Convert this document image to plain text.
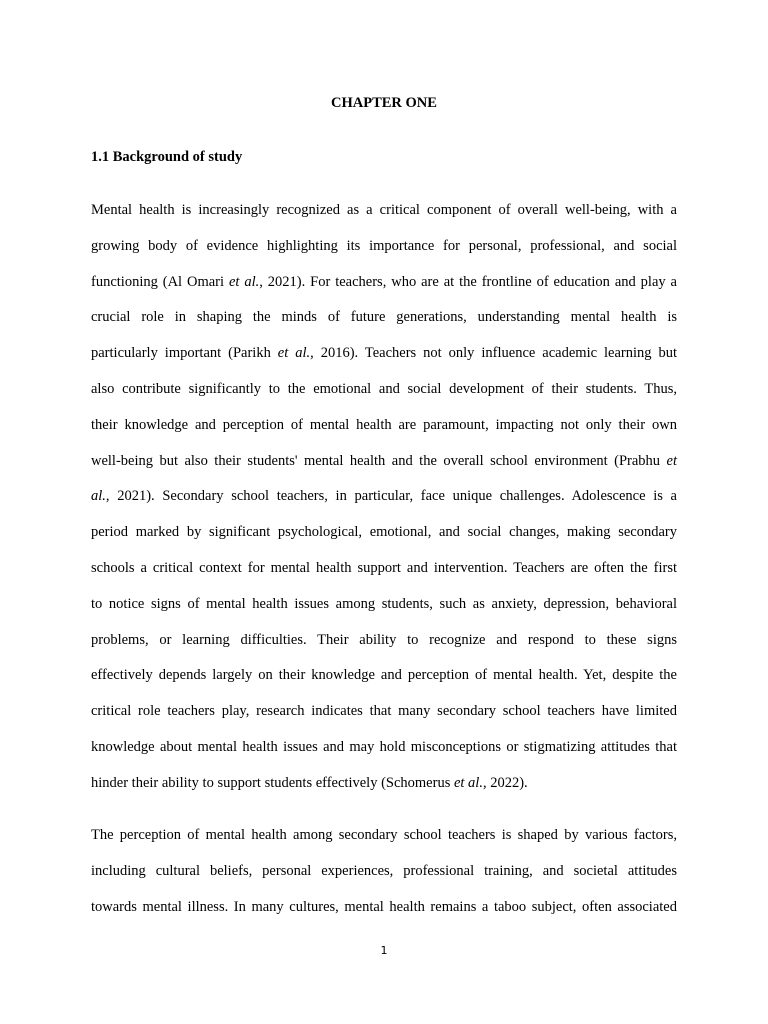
CHAPTER ONE
1.1 Background of study
Mental health is increasingly recognized as a critical component of overall well-being, with a
growing body of evidence highlighting its importance for personal, professional, and social
functioning (Al Omari et al., 2021). For teachers, who are at the frontline of education and play a
crucial role in shaping the minds of future generations, understanding mental health is
particularly important (Parikh et al., 2016). Teachers not only influence academic learning but
also contribute significantly to the emotional and social development of their students. Thus,
their knowledge and perception of mental health are paramount, impacting not only their own
well-being but also their students' mental health and the overall school environment (Prabhu et
al., 2021). Secondary school teachers, in particular, face unique challenges. Adolescence is a
period marked by significant psychological, emotional, and social changes, making secondary
schools a critical context for mental health support and intervention. Teachers are often the first
to notice signs of mental health issues among students, such as anxiety, depression, behavioral
problems, or learning difficulties. Their ability to recognize and respond to these signs
effectively depends largely on their knowledge and perception of mental health. Yet, despite the
critical role teachers play, research indicates that many secondary school teachers have limited
knowledge about mental health issues and may hold misconceptions or stigmatizing attitudes that
hinder their ability to support students effectively (Schomerus et al., 2022).
The perception of mental health among secondary school teachers is shaped by various factors,
including cultural beliefs, personal experiences, professional training, and societal attitudes
towards mental illness. In many cultures, mental health remains a taboo subject, often associated
1
